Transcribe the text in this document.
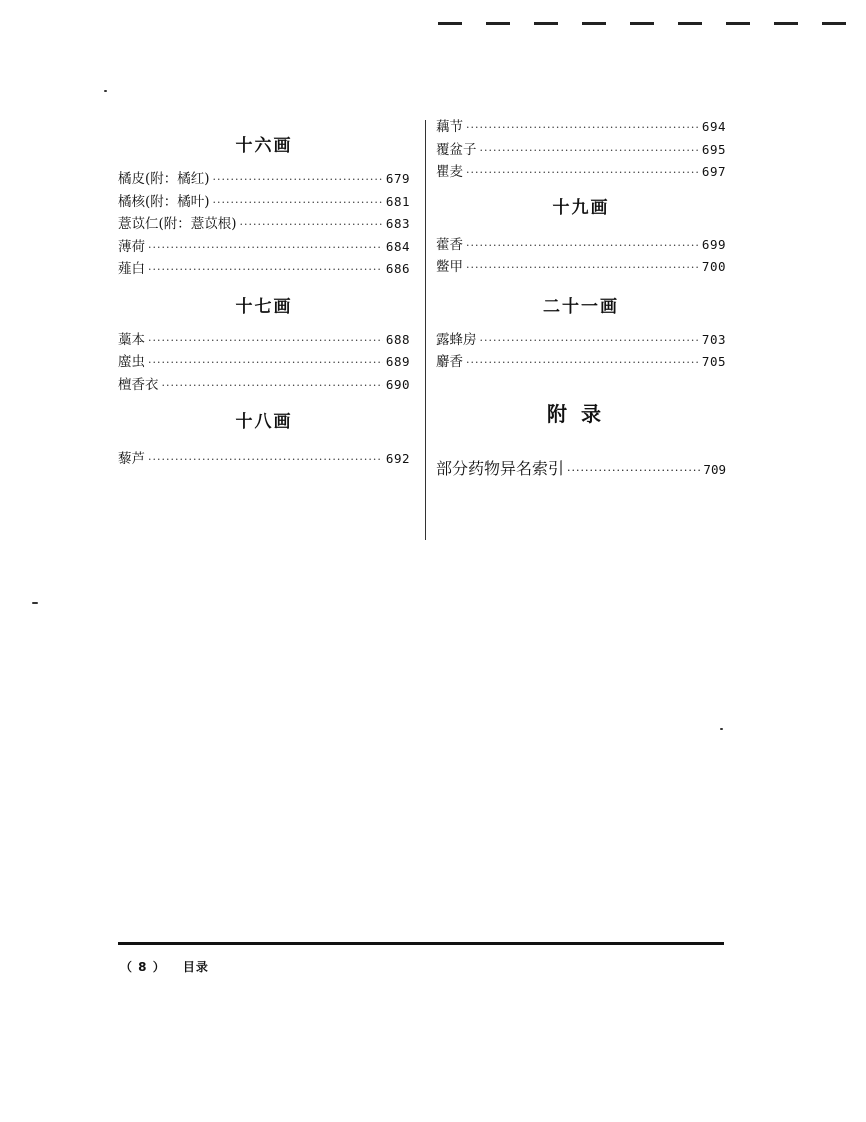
十六画
橘皮(附：橘红) ·····	679
橘核(附：橘叶) ·····	681
薏苡仁(附：薏苡根) ·····	683
薄荷 ·····	684
薤白 ·····	686
十七画
藁本 ·····	688
䗪虫 ·····	689
檀香衣 ·····	690
十八画
藜芦 ·····	692
藕节 ·····	694
覆盆子 ·····	695
瞿麦 ·····	697
十九画
藿香 ·····	699
鳖甲 ·····	700
二十一画
露蜂房 ·····	703
麝香 ·····	705
附录
部分药物异名索引 ·····	709
（ 8 ） 目录
